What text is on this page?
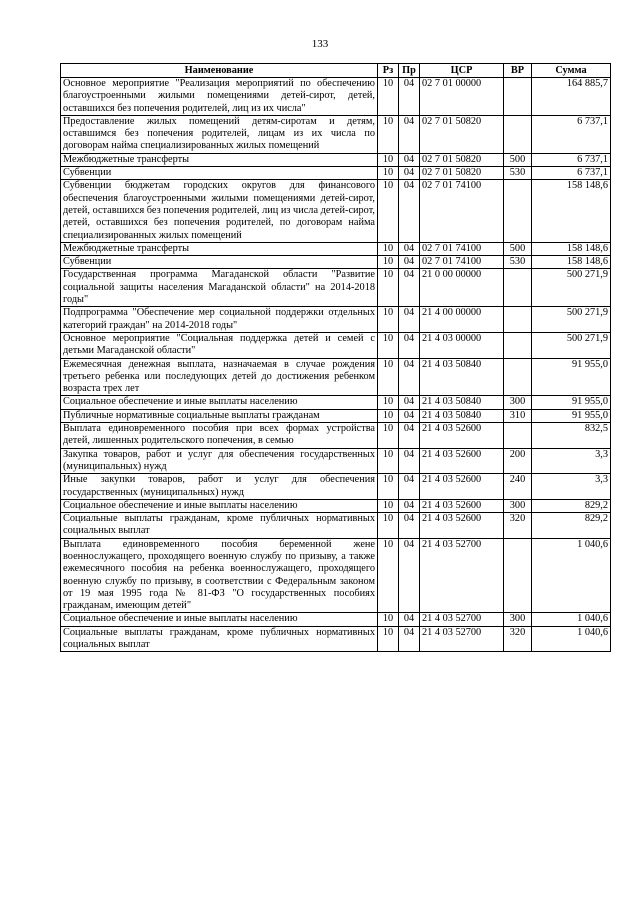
133
Наименование	Рз	Пр	ЦСР	ВР	Сумма
Основное мероприятие "Реализация мероприятий по обеспечению благоустроенными жилыми помещениями детей-сирот, детей, оставшихся без попечения родителей, лиц из их числа"	10	04	02 7 01 00000		164 885,7
Предоставление жилых помещений детям-сиротам и детям, оставшимся без попечения родителей, лицам из их числа по договорам найма специализированных жилых помещений	10	04	02 7 01 50820		6 737,1
Межбюджетные трансферты	10	04	02 7 01 50820	500	6 737,1
Субвенции	10	04	02 7 01 50820	530	6 737,1
Субвенции бюджетам городских округов для финансового обеспечения благоустроенными жилыми помещениями детей-сирот, детей, оставшихся без попечения родителей, лиц из числа детей-сирот, детей, оставшихся без попечения родителей, по договорам найма специализированных жилых помещений	10	04	02 7 01 74100		158 148,6
Межбюджетные трансферты	10	04	02 7 01 74100	500	158 148,6
Субвенции	10	04	02 7 01 74100	530	158 148,6
Государственная программа Магаданской области "Развитие социальной защиты населения Магаданской области" на 2014-2018 годы"	10	04	21 0 00 00000		500 271,9
Подпрограмма "Обеспечение мер социальной поддержки отдельных категорий граждан" на 2014-2018 годы"	10	04	21 4 00 00000		500 271,9
Основное мероприятие "Социальная поддержка детей и семей с детьми Магаданской области"	10	04	21 4 03 00000		500 271,9
Ежемесячная денежная выплата, назначаемая в случае рождения третьего ребенка или последующих детей до достижения ребенком возраста трех лет	10	04	21 4 03 50840		91 955,0
Социальное обеспечение и иные выплаты населению	10	04	21 4 03 50840	300	91 955,0
Публичные нормативные социальные выплаты гражданам	10	04	21 4 03 50840	310	91 955,0
Выплата единовременного пособия при всех формах устройства детей, лишенных родительского попечения, в семью	10	04	21 4 03 52600		832,5
Закупка товаров, работ и услуг для обеспечения государственных (муниципальных) нужд	10	04	21 4 03 52600	200	3,3
Иные закупки товаров, работ и услуг для обеспечения государственных (муниципальных) нужд	10	04	21 4 03 52600	240	3,3
Социальное обеспечение и иные выплаты населению	10	04	21 4 03 52600	300	829,2
Социальные выплаты гражданам, кроме публичных нормативных социальных выплат	10	04	21 4 03 52600	320	829,2
Выплата единовременного пособия беременной жене военнослужащего, проходящего военную службу по призыву, а также ежемесячного пособия на ребенка военнослужащего, проходящего военную службу по призыву, в соответствии с Федеральным законом от 19 мая 1995 года № 81-ФЗ "О государственных пособиях гражданам, имеющим детей"	10	04	21 4 03 52700		1 040,6
Социальное обеспечение и иные выплаты населению	10	04	21 4 03 52700	300	1 040,6
Социальные выплаты гражданам, кроме публичных нормативных социальных выплат	10	04	21 4 03 52700	320	1 040,6
